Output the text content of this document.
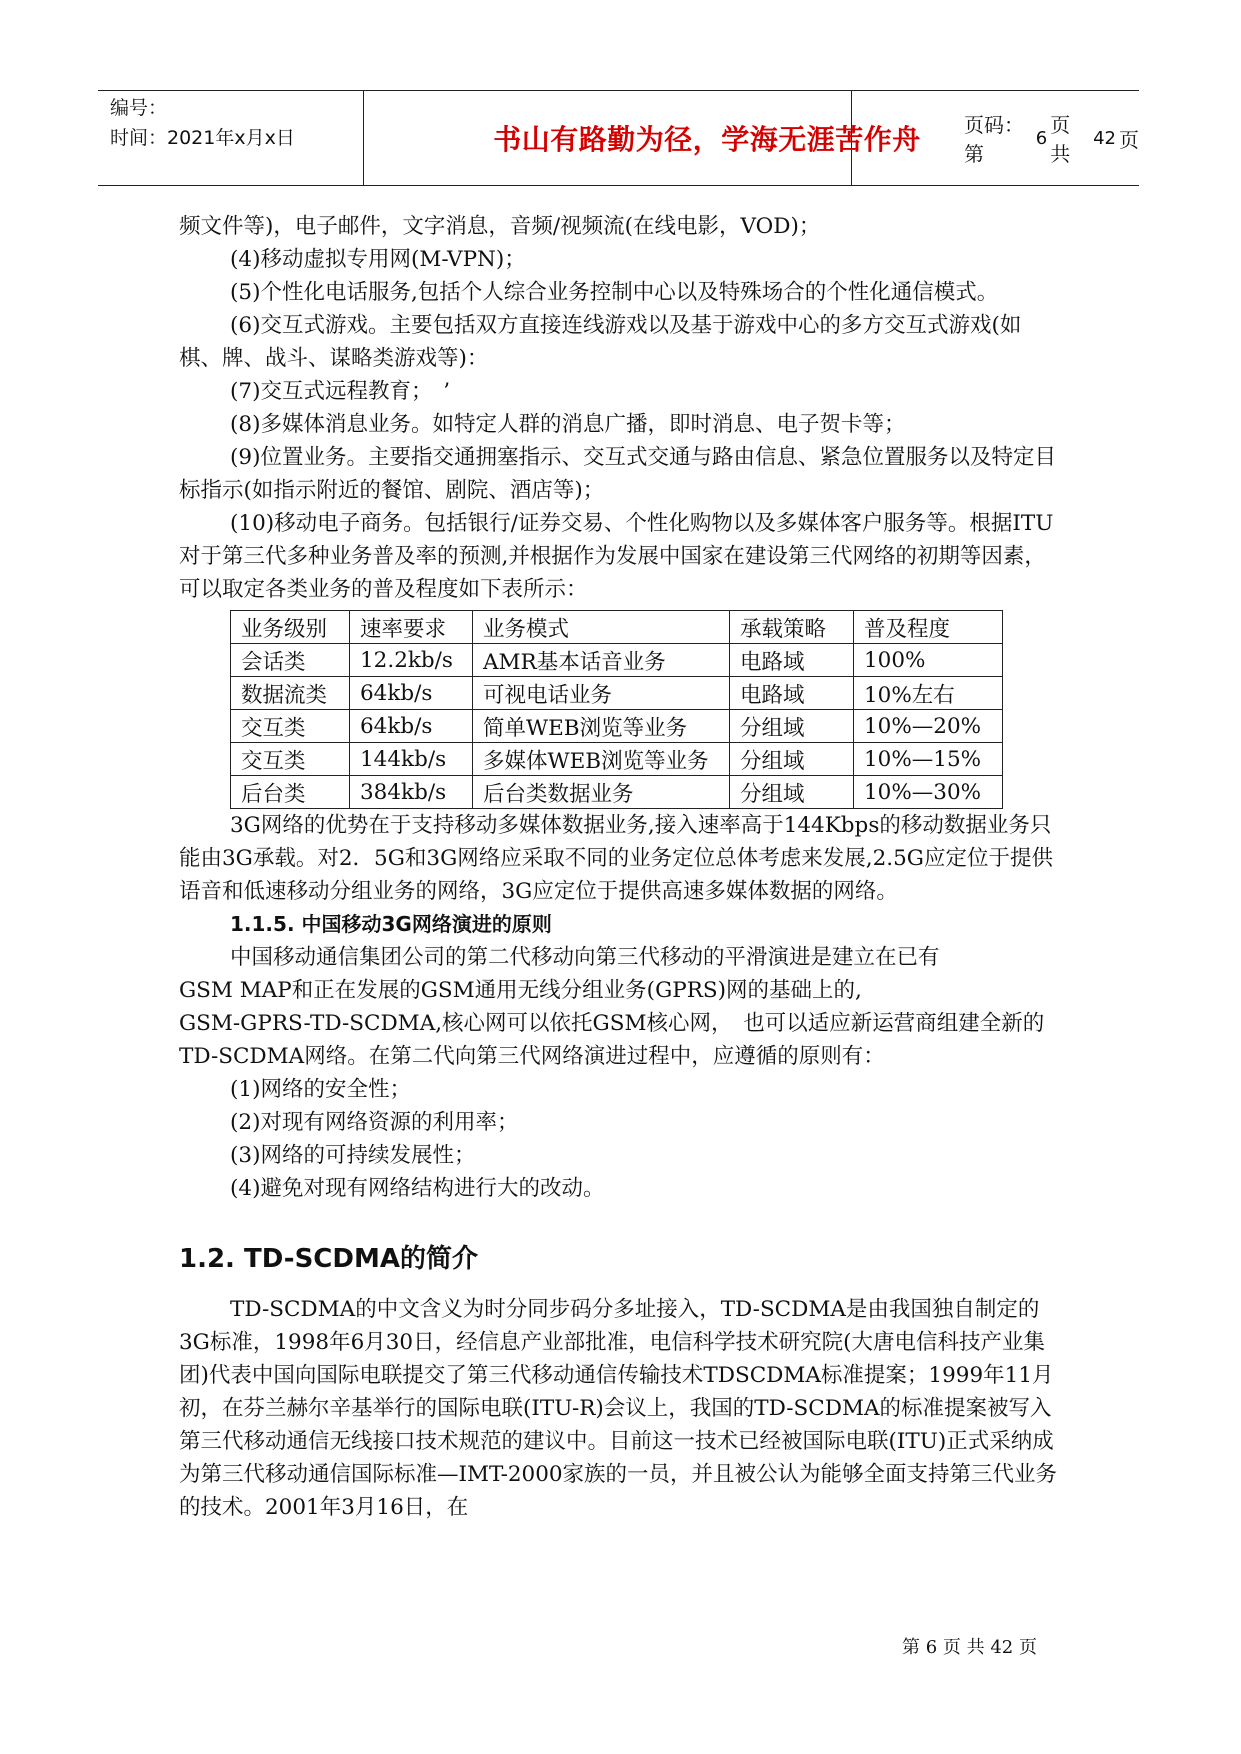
编号：
时间：2021年x月x日	书山有路勤为径，学海无涯苦作舟	页码：第
6
页 共
42 页

频文件等)，电子邮件，文字消息，音频/视频流(在线电影，VOD)；

(4)移动虚拟专用网(M-VPN)；

(5)个性化电话服务,包括个人综合业务控制中心以及特殊场合的个性化通信模式。

(6)交互式游戏。主要包括双方直接连线游戏以及基于游戏中心的多方交互式游戏(如棋、牌、战斗、谋略类游戏等)：

(7)交互式远程教育；　’

(8)多媒体消息业务。如特定人群的消息广播，即时消息、电子贺卡等；

(9)位置业务。主要指交通拥塞指示、交互式交通与路由信息、紧急位置服务以及特定目标指示(如指示附近的餐馆、剧院、酒店等)；

(10)移动电子商务。包括银行/证券交易、个性化购物以及多媒体客户服务等。根据ITU对于第三代多种业务普及率的预测,并根据作为发展中国家在建设第三代网络的初期等因素，可以取定各类业务的普及程度如下表所示：

业务级别	速率要求	业务模式	承载策略	普及程度
会话类	12.2kb/s	AMR基本话音业务	电路域	100%
数据流类	64kb/s	可视电话业务	电路域	10%左右
交互类	64kb/s	简单WEB浏览等业务	分组域	10%—20%
交互类	144kb/s	多媒体WEB浏览等业务	分组域	10%—15%
后台类	384kb/s	后台类数据业务	分组域	10%—30%

3G网络的优势在于支持移动多媒体数据业务,接入速率高于144Kbps的移动数据业务只能由3G承载。对2．5G和3G网络应采取不同的业务定位总体考虑来发展,2.5G应定位于提供语音和低速移动分组业务的网络，3G应定位于提供高速多媒体数据的网络。

1.1.5. 中国移动3G网络演进的原则

中国移动通信集团公司的第二代移动向第三代移动的平滑演进是建立在已有

GSM MAP和正在发展的GSM通用无线分组业务(GPRS)网的基础上的,

GSM-GPRS-TD-SCDMA,核心网可以依托GSM核心网，　也可以适应新运营商组建全新的TD-SCDMA网络。在第二代向第三代网络演进过程中，应遵循的原则有：

(1)网络的安全性；

(2)对现有网络资源的利用率；

(3)网络的可持续发展性；

(4)避免对现有网络结构进行大的改动。

1.2. TD-SCDMA的简介

TD-SCDMA的中文含义为时分同步码分多址接入，TD-SCDMA是由我国独自制定的3G标准，1998年6月30日，经信息产业部批准，电信科学技术研究院(大唐电信科技产业集团)代表中国向国际电联提交了第三代移动通信传输技术TDSCDMA标准提案；1999年11月初，在芬兰赫尔辛基举行的国际电联(ITU-R)会议上，我国的TD-SCDMA的标准提案被写入第三代移动通信无线接口技术规范的建议中。目前这一技术已经被国际电联(ITU)正式采纳成为第三代移动通信国际标准—IMT-2000家族的一员，并且被公认为能够全面支持第三代业务的技术。2001年3月16日，在

第 6 页 共 42 页
